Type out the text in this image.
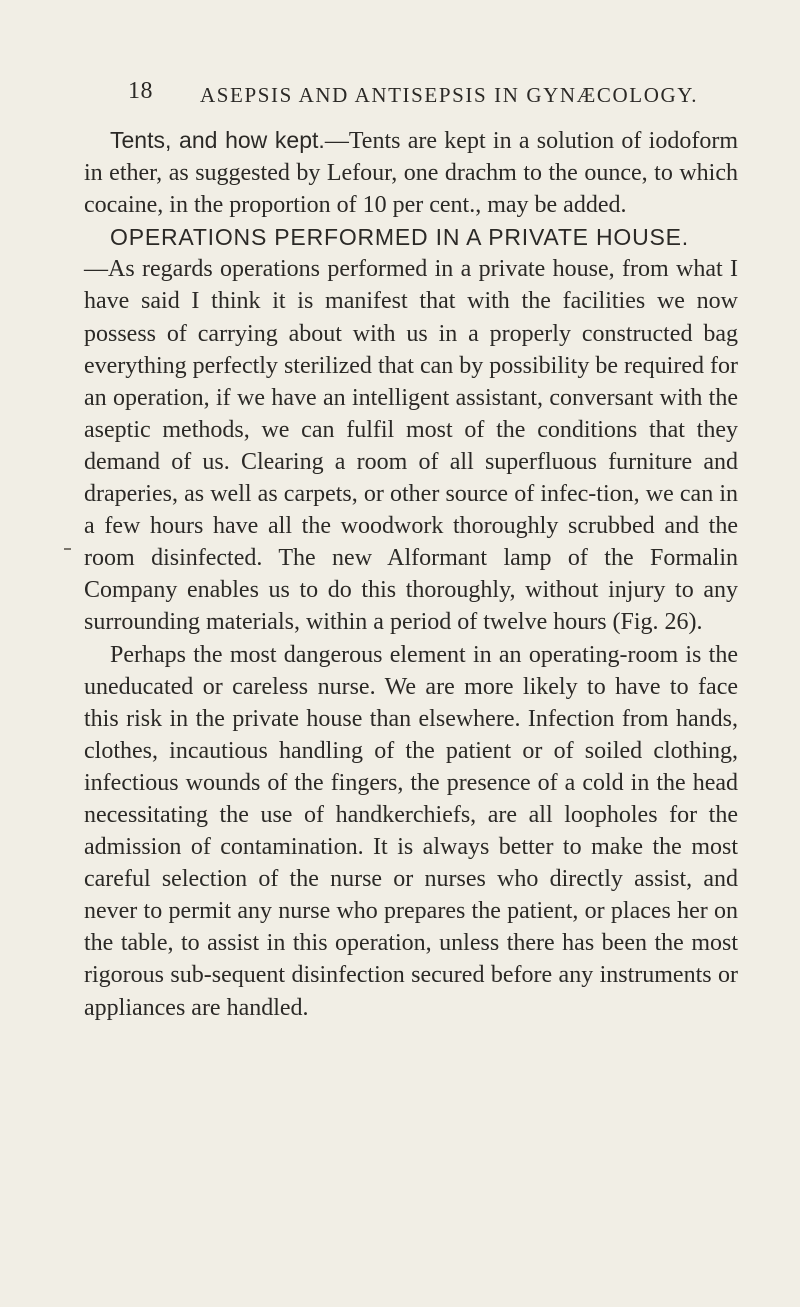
18 ASEPSIS AND ANTISEPSIS IN GYNÆCOLOGY.

Tents, and how kept.—Tents are kept in a solution of iodoform in ether, as suggested by Lefour, one drachm to the ounce, to which cocaine, in the proportion of 10 per cent., may be added.

OPERATIONS PERFORMED IN A PRIVATE HOUSE.
—As regards operations performed in a private house, from what I have said I think it is manifest that with the facilities we now possess of carrying about with us in a properly constructed bag everything perfectly sterilized that can by possibility be required for an operation, if we have an intelligent assistant, conversant with the aseptic methods, we can fulfil most of the conditions that they demand of us. Clearing a room of all superfluous furniture and draperies, as well as carpets, or other source of infec-tion, we can in a few hours have all the woodwork thoroughly scrubbed and the room disinfected. The new Alformant lamp of the Formalin Company enables us to do this thoroughly, without injury to any surrounding materials, within a period of twelve hours (Fig. 26).

Perhaps the most dangerous element in an operating-room is the uneducated or careless nurse. We are more likely to have to face this risk in the private house than elsewhere. Infection from hands, clothes, incautious handling of the patient or of soiled clothing, infectious wounds of the fingers, the presence of a cold in the head necessitating the use of handkerchiefs, are all loopholes for the admission of contamination. It is always better to make the most careful selection of the nurse or nurses who directly assist, and never to permit any nurse who prepares the patient, or places her on the table, to assist in this operation, unless there has been the most rigorous sub-sequent disinfection secured before any instruments or appliances are handled.
